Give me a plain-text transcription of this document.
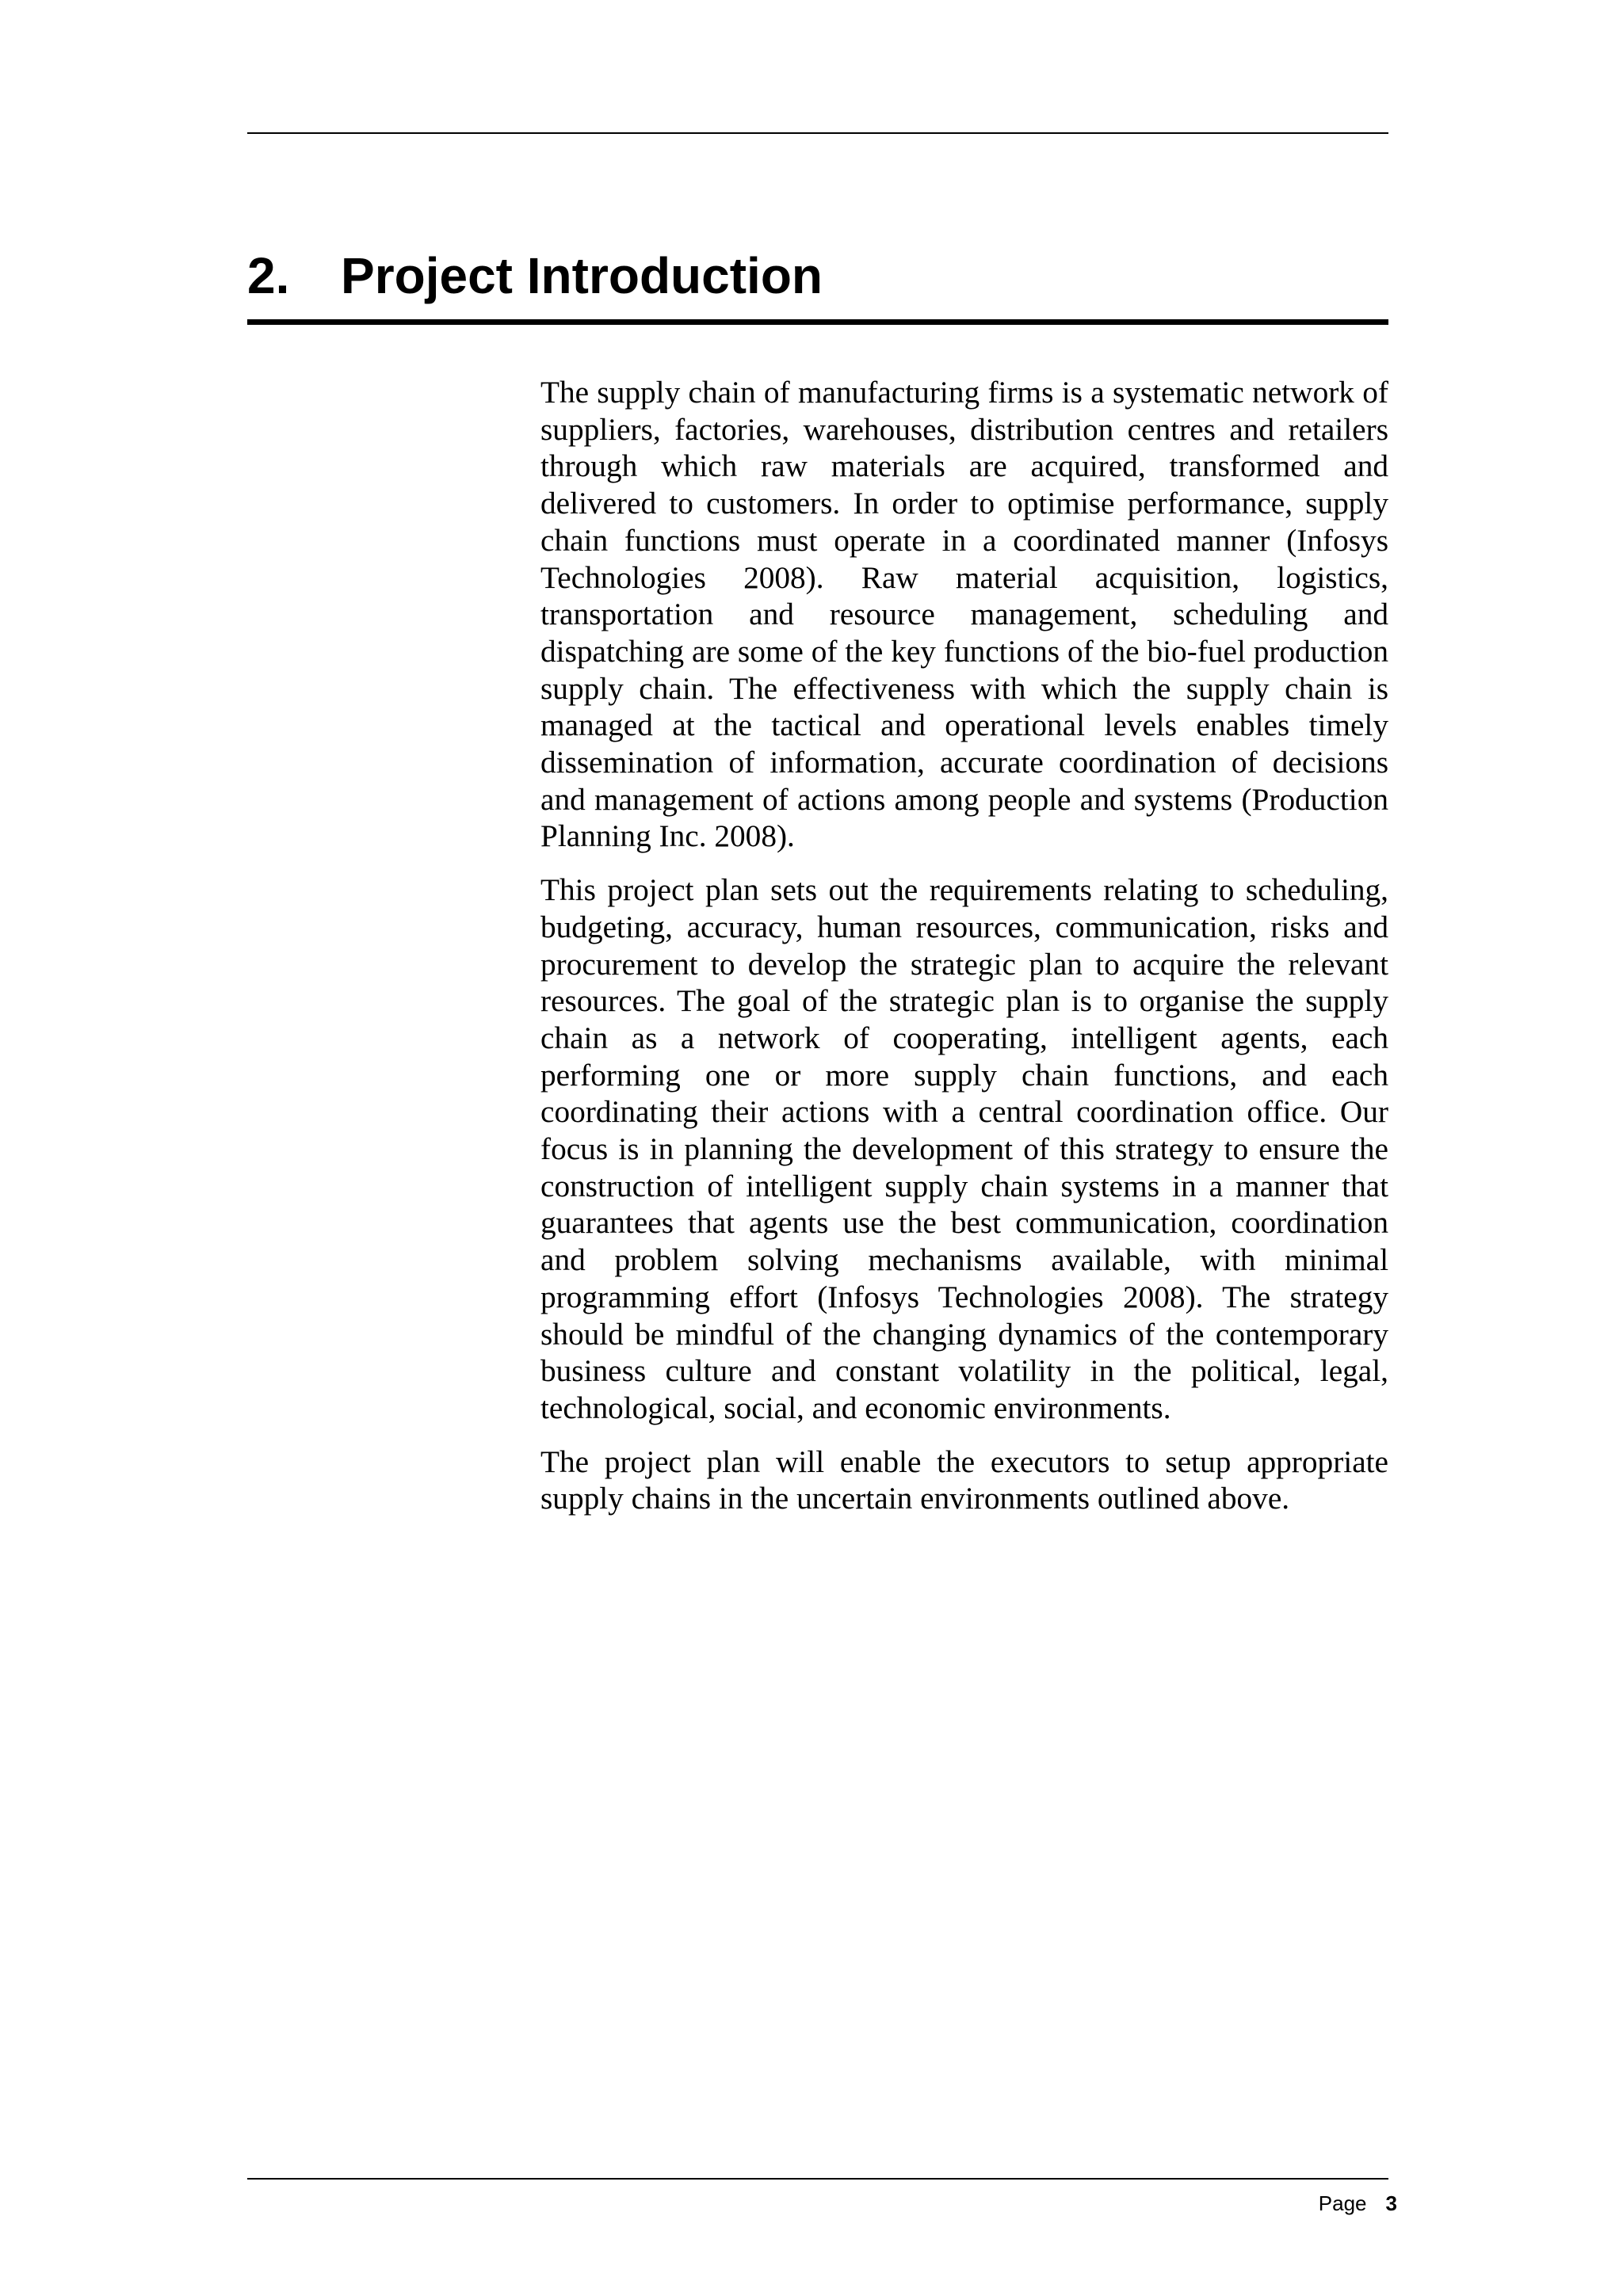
2. Project Introduction

The supply chain of manufacturing firms is a systematic network of suppliers, factories, warehouses, distribution centres and retailers through which raw materials are acquired, transformed and delivered to customers. In order to optimise performance, supply chain functions must operate in a coordinated manner (Infosys Technologies 2008). Raw material acquisition, logistics, transportation and resource management, scheduling and dispatching are some of the key functions of the bio-fuel production supply chain. The effectiveness with which the supply chain is managed at the tactical and operational levels enables timely dissemination of information, accurate coordination of decisions and management of actions among people and systems (Production Planning Inc. 2008).

This project plan sets out the requirements relating to scheduling, budgeting, accuracy, human resources, communication, risks and procurement to develop the strategic plan to acquire the relevant resources. The goal of the strategic plan is to organise the supply chain as a network of cooperating, intelligent agents, each performing one or more supply chain functions, and each coordinating their actions with a central coordination office. Our focus is in planning the development of this strategy to ensure the construction of intelligent supply chain systems in a manner that guarantees that agents use the best communication, coordination and problem solving mechanisms available, with minimal programming effort (Infosys Technologies 2008). The strategy should be mindful of the changing dynamics of the contemporary business culture and constant volatility in the political, legal, technological, social, and economic environments.

The project plan will enable the executors to setup appropriate supply chains in the uncertain environments outlined above.

Page 3
